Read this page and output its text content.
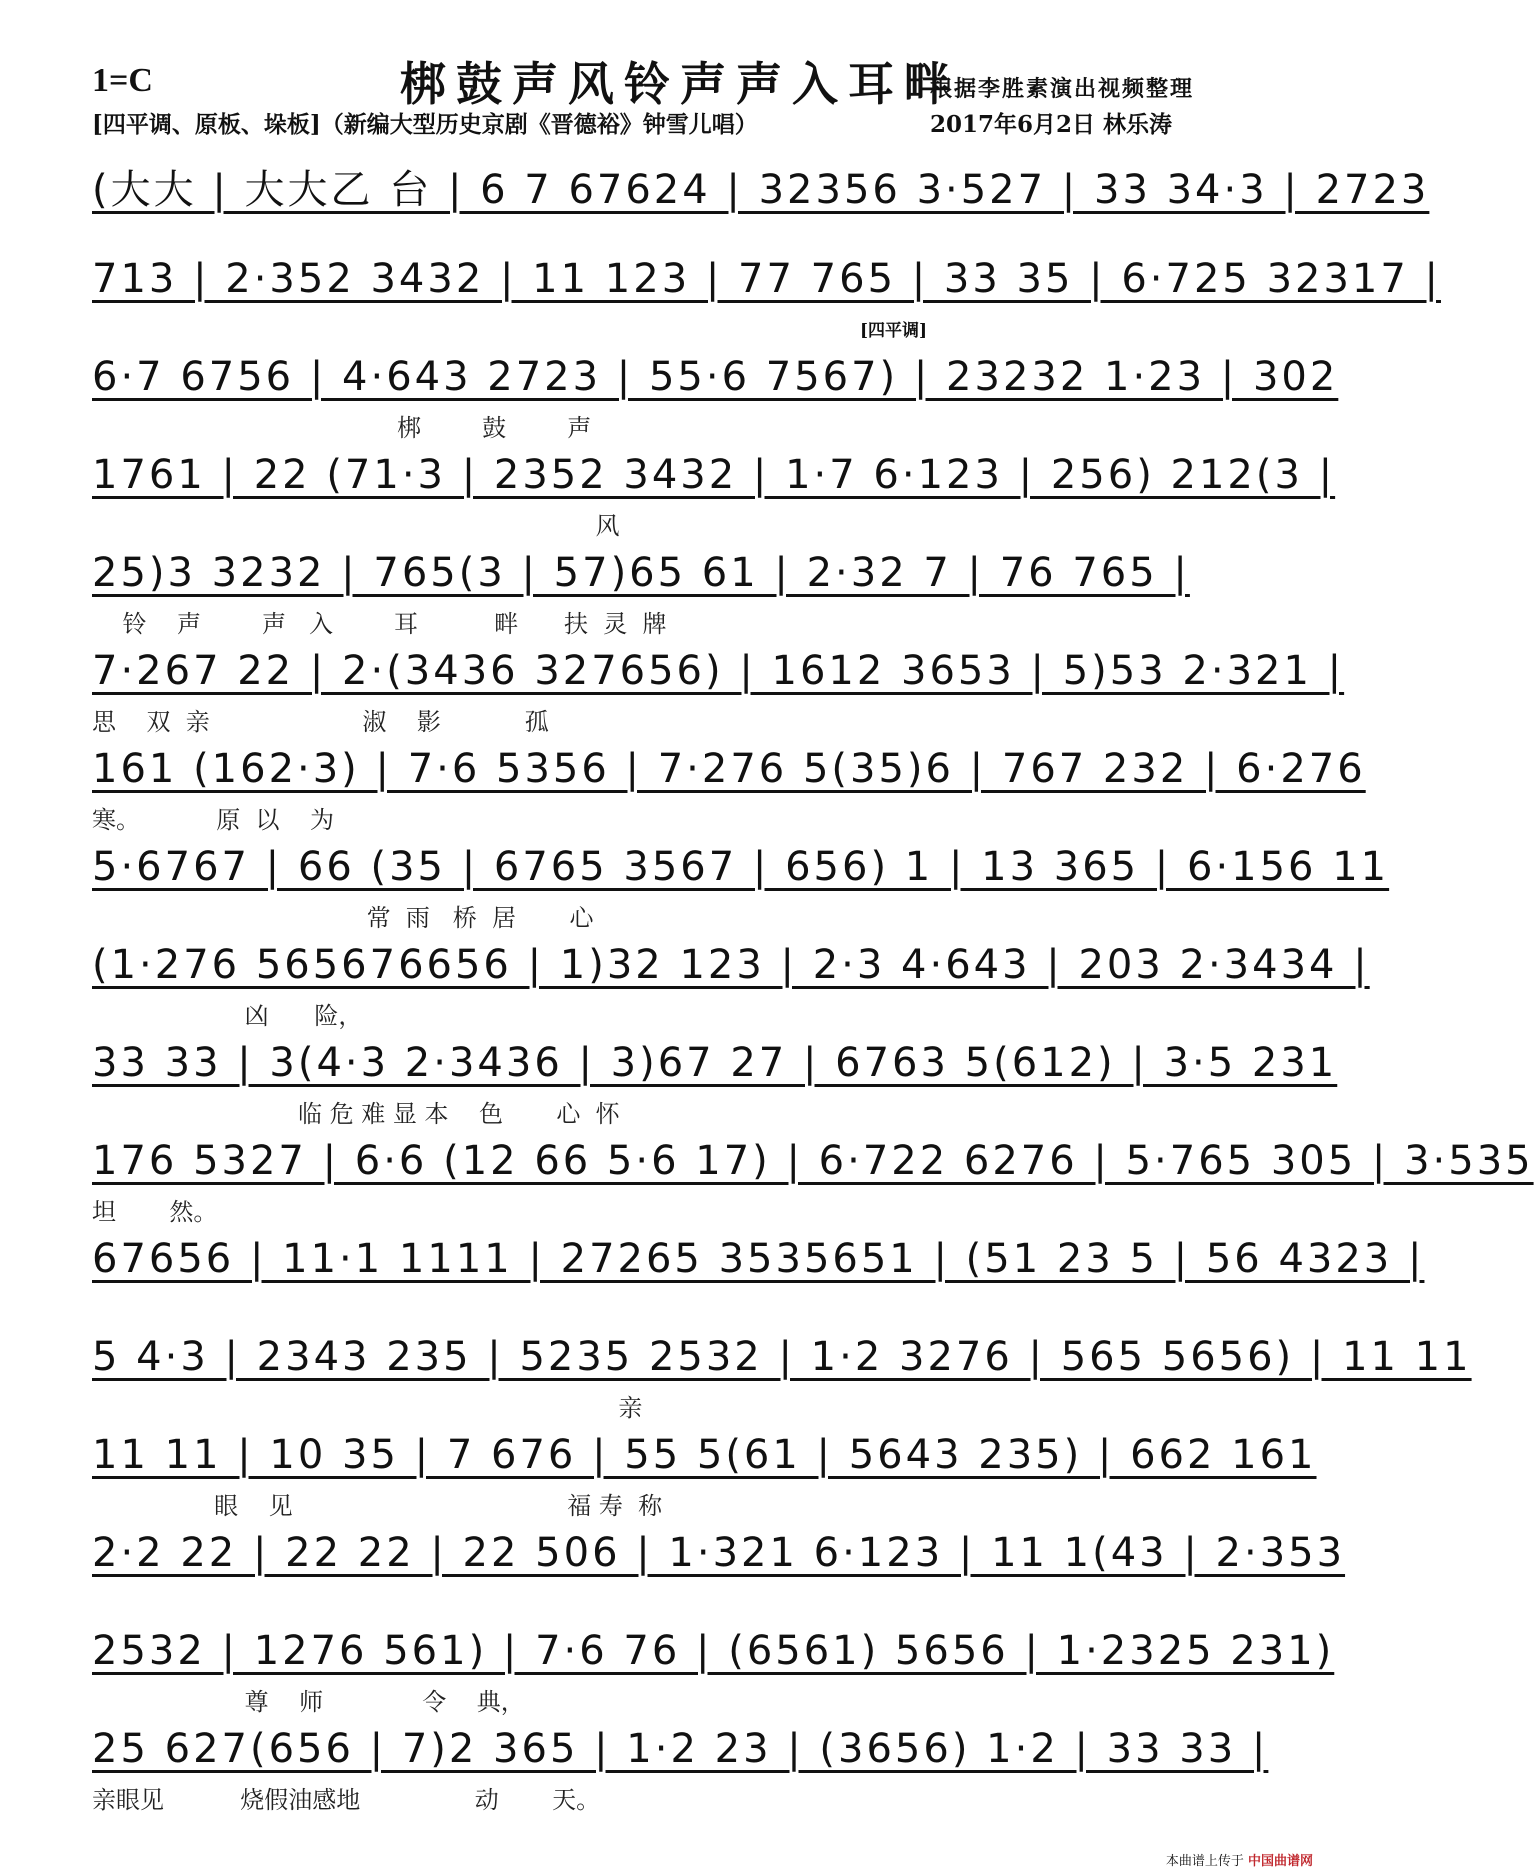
1=C	梆鼓声风铃声声入耳畔
根据李胜素演出视频整理
[四平调、原板、垛板]（新编大型历史京剧《晋德裕》钟雪儿唱）	2017年6月2日 林乐涛
[四平调]
(大大 | 大大乙 台 | 6 7 67624 | 32356 3·527 | 33 34·3 | 2723
713 | 2·352 3432 | 11 123 | 77 765 | 33 35 | 6·725 32317 |
6·7 6756 | 4·643 2723 | 55·6 7567) | 23232 1·23 | 302
梆        鼓        声
1761 | 22 (71·3 | 2352 3432 | 1·7 6·123 | 256) 212(3 |
风
25)3 3232 | 765(3 | 57)65 61 | 2·32 7 | 76 765 |
铃    声        声   入        耳          畔      扶  灵  牌
7·267 22 | 2·(3436 327656) | 1612 3653 | 5)53 2·321 |
思    双  亲                    淑    影           孤
161 (162·3) | 7·6 5356 | 7·276 5(35)6 | 767 232 | 6·276
寒。          原  以    为
5·6767 | 66 (35 | 6765 3567 | 656) 1 | 13 365 | 6·156 11
常  雨   桥  居       心
(1·276 565676656 | 1)32 123 | 2·3 4·643 | 203 2·3434 |
凶      险，
33 33 | 3(4·3 2·3436 | 3)67 27 | 6763 5(612) | 3·5 231
临 危 难 显 本    色       心  怀
176 5327 | 6·6 (12 66 5·6 17) | 6·722 6276 | 5·765 305 | 3·535
坦       然。
67656 | 11·1 1111 | 27265 3535651 | (51 23 5 | 56 4323 |
5 4·3 | 2343 235 | 5235 2532 | 1·2 3276 | 565 5656) | 11 11
亲
11 11 | 10 35 | 7 676 | 55 5(61 | 5643 235) | 662 161
眼    见                                    福 寿  称
2·2 22 | 22 22 | 22 506 | 1·321 6·123 | 11 1(43 | 2·353
2532 | 1276 561) | 7·6 76 | (6561) 5656 | 1·2325 231)
尊    师             令    典，
25 627(656 | 7)2 365 | 1·2 23 | (3656) 1·2 | 33 33 |
亲眼见          烧假油感地               动       天。
本曲谱上传于 中国曲谱网
